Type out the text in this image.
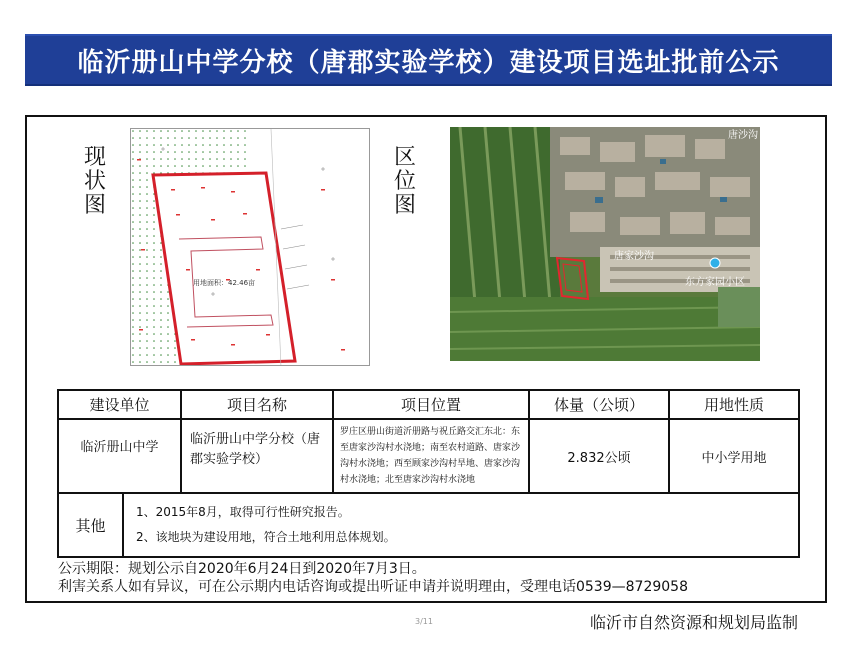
临沂册山中学分校（唐郡实验学校）建设项目选址批前公示
现
状
图
区
位
图
用地面积：42.46亩
唐沙沟
唐家沙沟
东方家园小区
建设单位		项目名称	项目位置	体量（公顷）	用地性质
临沂册山中学		临沂册山中学分校（唐郡实验学校）	罗庄区册山街道沂册路与祝丘路交汇东北：东至唐家沙沟村水浇地；南至农村道路、唐家沙沟村水浇地；西至顾家沙沟村旱地、唐家沙沟村水浇地；北至唐家沙沟村水浇地	2.832公顷	中小学用地
其他	1、2015年8月，取得可行性研究报告。
2、该地块为建设用地，符合土地利用总体规划。				
公示期限：规划公示自2020年6月24日到2020年7月3日。
利害关系人如有异议，可在公示期内电话咨询或提出听证申请并说明理由，受理电话0539—8729058
3/11	临沂市自然资源和规划局监制
